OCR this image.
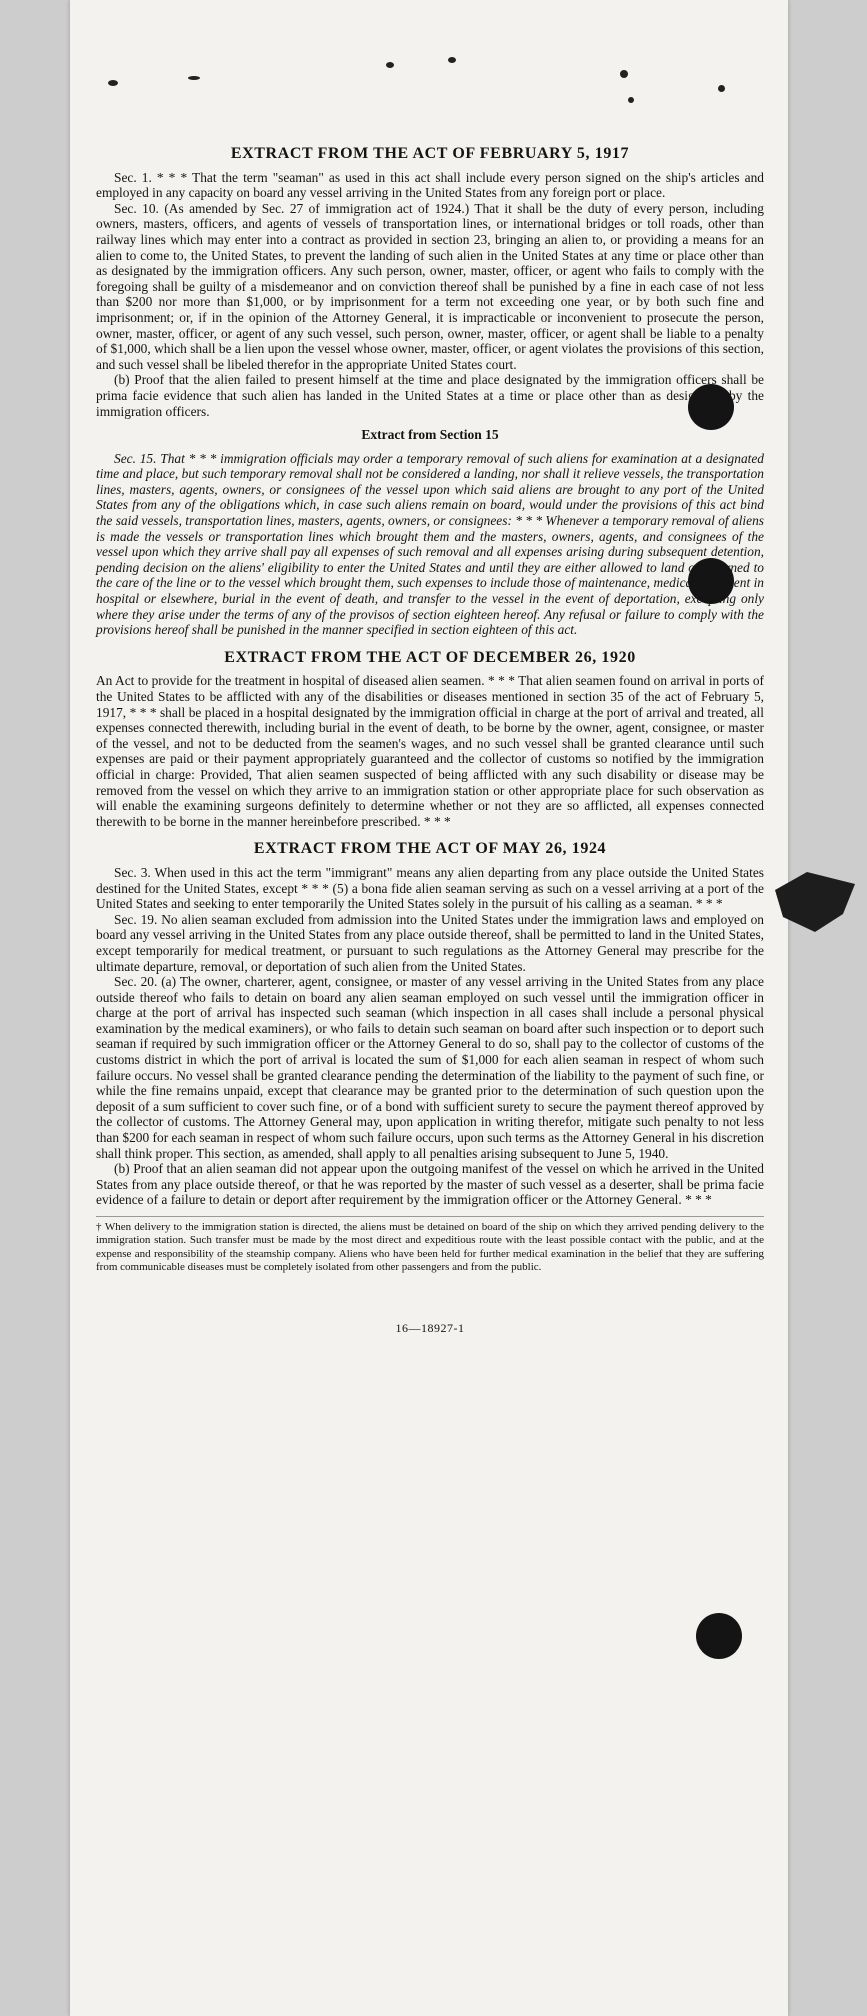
EXTRACT FROM THE ACT OF FEBRUARY 5, 1917

Sec. 1. * * * That the term "seaman" as used in this act shall include every person signed on the ship's articles and employed in any capacity on board any vessel arriving in the United States from any foreign port or place.

Sec. 10. (As amended by Sec. 27 of immigration act of 1924.) That it shall be the duty of every person, including owners, masters, officers, and agents of vessels of transportation lines, or international bridges or toll roads, other than railway lines which may enter into a contract as provided in section 23, bringing an alien to, or providing a means for an alien to come to, the United States, to prevent the landing of such alien in the United States at any time or place other than as designated by the immigration officers. Any such person, owner, master, officer, or agent who fails to comply with the foregoing shall be guilty of a misdemeanor and on conviction thereof shall be punished by a fine in each case of not less than $200 nor more than $1,000, or by imprisonment for a term not exceeding one year, or by both such fine and imprisonment; or, if in the opinion of the Attorney General, it is impracticable or inconvenient to prosecute the person, owner, master, officer, or agent of any such vessel, such person, owner, master, officer, or agent shall be liable to a penalty of $1,000, which shall be a lien upon the vessel whose owner, master, officer, or agent violates the provisions of this section, and such vessel shall be libeled therefor in the appropriate United States court.

(b) Proof that the alien failed to present himself at the time and place designated by the immigration officers shall be prima facie evidence that such alien has landed in the United States at a time or place other than as designated by the immigration officers.

Extract from Section 15

Sec. 15. That * * * immigration officials may order a temporary removal of such aliens for examination at a designated time and place, but such temporary removal shall not be considered a landing, nor shall it relieve vessels, the transportation lines, masters, agents, owners, or consignees of the vessel upon which said aliens are brought to any port of the United States from any of the obligations which, in case such aliens remain on board, would under the provisions of this act bind the said vessels, transportation lines, masters, agents, owners, or consignees: * * * Whenever a temporary removal of aliens is made the vessels or transportation lines which brought them and the masters, owners, agents, and consignees of the vessel upon which they arrive shall pay all expenses of such removal and all expenses arising during subsequent detention, pending decision on the aliens' eligibility to enter the United States and until they are either allowed to land or returned to the care of the line or to the vessel which brought them, such expenses to include those of maintenance, medical treatment in hospital or elsewhere, burial in the event of death, and transfer to the vessel in the event of deportation, excepting only where they arise under the terms of any of the provisos of section eighteen hereof. Any refusal or failure to comply with the provisions hereof shall be punished in the manner specified in section eighteen of this act.

EXTRACT FROM THE ACT OF DECEMBER 26, 1920

An Act to provide for the treatment in hospital of diseased alien seamen. * * * That alien seamen found on arrival in ports of the United States to be afflicted with any of the disabilities or diseases mentioned in section 35 of the act of February 5, 1917, * * * shall be placed in a hospital designated by the immigration official in charge at the port of arrival and treated, all expenses connected therewith, including burial in the event of death, to be borne by the owner, agent, consignee, or master of the vessel, and not to be deducted from the seamen's wages, and no such vessel shall be granted clearance until such expenses are paid or their payment appropriately guaranteed and the collector of customs so notified by the immigration official in charge: Provided, That alien seamen suspected of being afflicted with any such disability or disease may be removed from the vessel on which they arrive to an immigration station or other appropriate place for such observation as will enable the examining surgeons definitely to determine whether or not they are so afflicted, all expenses connected therewith to be borne in the manner hereinbefore prescribed. * * *

EXTRACT FROM THE ACT OF MAY 26, 1924

Sec. 3. When used in this act the term "immigrant" means any alien departing from any place outside the United States destined for the United States, except * * * (5) a bona fide alien seaman serving as such on a vessel arriving at a port of the United States and seeking to enter temporarily the United States solely in the pursuit of his calling as a seaman. * * *

Sec. 19. No alien seaman excluded from admission into the United States under the immigration laws and employed on board any vessel arriving in the United States from any place outside thereof, shall be permitted to land in the United States, except temporarily for medical treatment, or pursuant to such regulations as the Attorney General may prescribe for the ultimate departure, removal, or deportation of such alien from the United States.

Sec. 20. (a) The owner, charterer, agent, consignee, or master of any vessel arriving in the United States from any place outside thereof who fails to detain on board any alien seaman employed on such vessel until the immigration officer in charge at the port of arrival has inspected such seaman (which inspection in all cases shall include a personal physical examination by the medical examiners), or who fails to detain such seaman on board after such inspection or to deport such seaman if required by such immigration officer or the Attorney General to do so, shall pay to the collector of customs of the customs district in which the port of arrival is located the sum of $1,000 for each alien seaman in respect of whom such failure occurs. No vessel shall be granted clearance pending the determination of the liability to the payment of such fine, or while the fine remains unpaid, except that clearance may be granted prior to the determination of such question upon the deposit of a sum sufficient to cover such fine, or of a bond with sufficient surety to secure the payment thereof approved by the collector of customs. The Attorney General may, upon application in writing therefor, mitigate such penalty to not less than $200 for each seaman in respect of whom such failure occurs, upon such terms as the Attorney General in his discretion shall think proper. This section, as amended, shall apply to all penalties arising subsequent to June 5, 1940.

(b) Proof that an alien seaman did not appear upon the outgoing manifest of the vessel on which he arrived in the United States from any place outside thereof, or that he was reported by the master of such vessel as a deserter, shall be prima facie evidence of a failure to detain or deport after requirement by the immigration officer or the Attorney General. * * *

† When delivery to the immigration station is directed, the aliens must be detained on board of the ship on which they arrived pending delivery to the immigration station. Such transfer must be made by the most direct and expeditious route with the least possible contact with the public, and at the expense and responsibility of the steamship company. Aliens who have been held for further medical examination in the belief that they are suffering from communicable diseases must be completely isolated from other passengers and from the public.
16—18927-1
